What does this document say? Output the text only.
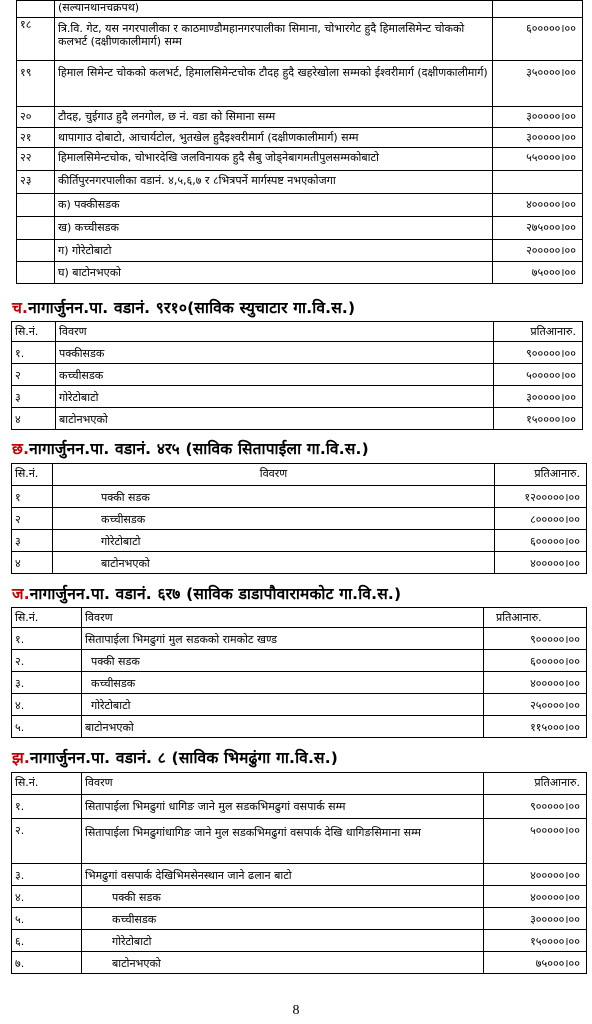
	(सल्यानथानचक्रपथ)	
१८	त्रि.वि. गेट, यस नगरपालीका र काठमाण्डौमहानगरपालीका सिमाना, चोभारगेट हुदै हिमालसिमेन्ट चोकको कलभर्ट (दक्षीणकालीमार्ग) सम्म	६०००००।००
१९	हिमाल सिमेन्ट चोकको कलभर्ट, हिमालसिमेन्टचोक टौदह हुदै खहरेखोला सम्मको ईश्वरीमार्ग (दक्षीणकालीमार्ग)	३५००००।००
२०	टौदह, चुईगाउ हुदै लनगोल, छ नं. वडा को सिमाना सम्म	३०००००।००
२१	थापागाउ दोबाटो, आचार्यटोल, भुतखेल हुदैइश्वरीमार्ग (दक्षीणकालीमार्ग) सम्म	३०००००।००
२२	हिमालसिमेन्टचोक, चोभारदेखि जलविनायक हुदै सैबु जोड्नेबागमतीपुलसम्मकोबाटो	५५००००।००
२३	कीर्तिपुरनगरपालीका वडानं. ४,५,६,७ र ८भित्रपर्ने मार्गस्पष्ट नभएकोजगा	
	क) पक्कीसडक	४०००००।००
	ख) कच्चीसडक	२७५०००।००
	ग) गोरेटोबाटो	२०००००।००
	घ) बाटोनभएको	७५०००।००
च.नागार्जुनन.पा. वडानं. ९र१०(साविक स्युचाटार गा.वि.स.)
सि.नं.	विवरण	प्रतिआनारु.
१.	पक्कीसडक	९०००००।००
२	कच्चीसडक	५०००००।००
३	गोरेटोबाटो	३०००००।००
४	बाटोनभएको	१५००००।००
छ.नागार्जुनन.पा. वडानं. ४र५ (साविक सितापाईला गा.वि.स.)
सि.नं.	विवरण	प्रतिआनारु.
१	पक्की सडक	१२०००००।००
२	कच्चीसडक	८०००००।००
३	गोरेटोबाटो	६०००००।००
४	बाटोनभएको	४०००००।००
ज.नागार्जुनन.पा. वडानं. ६र७ (साविक डाडापौवारामकोट गा.वि.स.)
सि.नं.	विवरण	प्रतिआनारु.
१.	सितापाईला भिमढुगां मुल सडकको रामकोट खण्ड	९०००००।००
२.	पक्की सडक	६०००००।००
३.	कच्चीसडक	४०००००।००
४.	गोरेटोबाटो	२५००००।००
५.	बाटोनभएको	११५०००।००
झ.नागार्जुनन.पा. वडानं. ८ (साविक भिमढुंगा गा.वि.स.)
सि.नं.	विवरण	प्रतिआनारु.
१.	सितापाईला भिमढुगां धागिङ जाने मुल सडकभिमढुगां वसपार्क सम्म	९०००००।००
२.	सितापाईला भिमढुगांधागिङ जाने मुल सडकभिमढुगां वसपार्क देखि धागिङसिमाना सम्म	५०००००।००
३.	भिमढुगां वसपार्क देखिभिमसेनस्थान जाने ढलान बाटो	४०००००।००
४.	पक्की सडक	४०००००।००
५.	कच्चीसडक	३०००००।००
६.	गोरेटोबाटो	१५००००।००
७.	बाटोनभएको	७५०००।००
8
